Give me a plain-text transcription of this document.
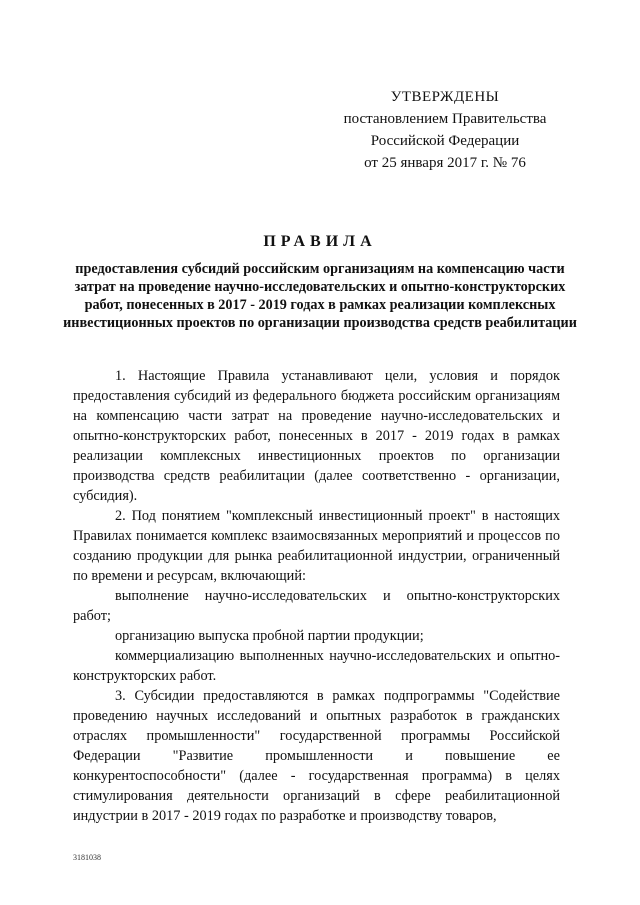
УТВЕРЖДЕНЫ
постановлением Правительства
Российской Федерации
от 25 января 2017 г. № 76
ПРАВИЛА
предоставления субсидий российским организациям на компенсацию части затрат на проведение научно-исследовательских и опытно-конструкторских работ, понесенных в 2017 - 2019 годах в рамках реализации комплексных инвестиционных проектов по организации производства средств реабилитации

1. Настоящие Правила устанавливают цели, условия и порядок предоставления субсидий из федерального бюджета российским организациям на компенсацию части затрат на проведение научно-исследовательских и опытно-конструкторских работ, понесенных в 2017 - 2019 годах в рамках реализации комплексных инвестиционных проектов по организации производства средств реабилитации (далее соответственно - организации, субсидия).

2. Под понятием "комплексный инвестиционный проект" в настоящих Правилах понимается комплекс взаимосвязанных мероприятий и процессов по созданию продукции для рынка реабилитационной индустрии, ограниченный по времени и ресурсам, включающий:

выполнение научно-исследовательских и опытно-конструкторских работ;

организацию выпуска пробной партии продукции;

коммерциализацию выполненных научно-исследовательских и опытно-конструкторских работ.

3. Субсидии предоставляются в рамках подпрограммы "Содействие проведению научных исследований и опытных разработок в гражданских отраслях промышленности" государственной программы Российской Федерации "Развитие промышленности и повышение ее конкурентоспособности" (далее - государственная программа) в целях стимулирования деятельности организаций в сфере реабилитационной индустрии в 2017 - 2019 годах по разработке и производству товаров,

3181038
